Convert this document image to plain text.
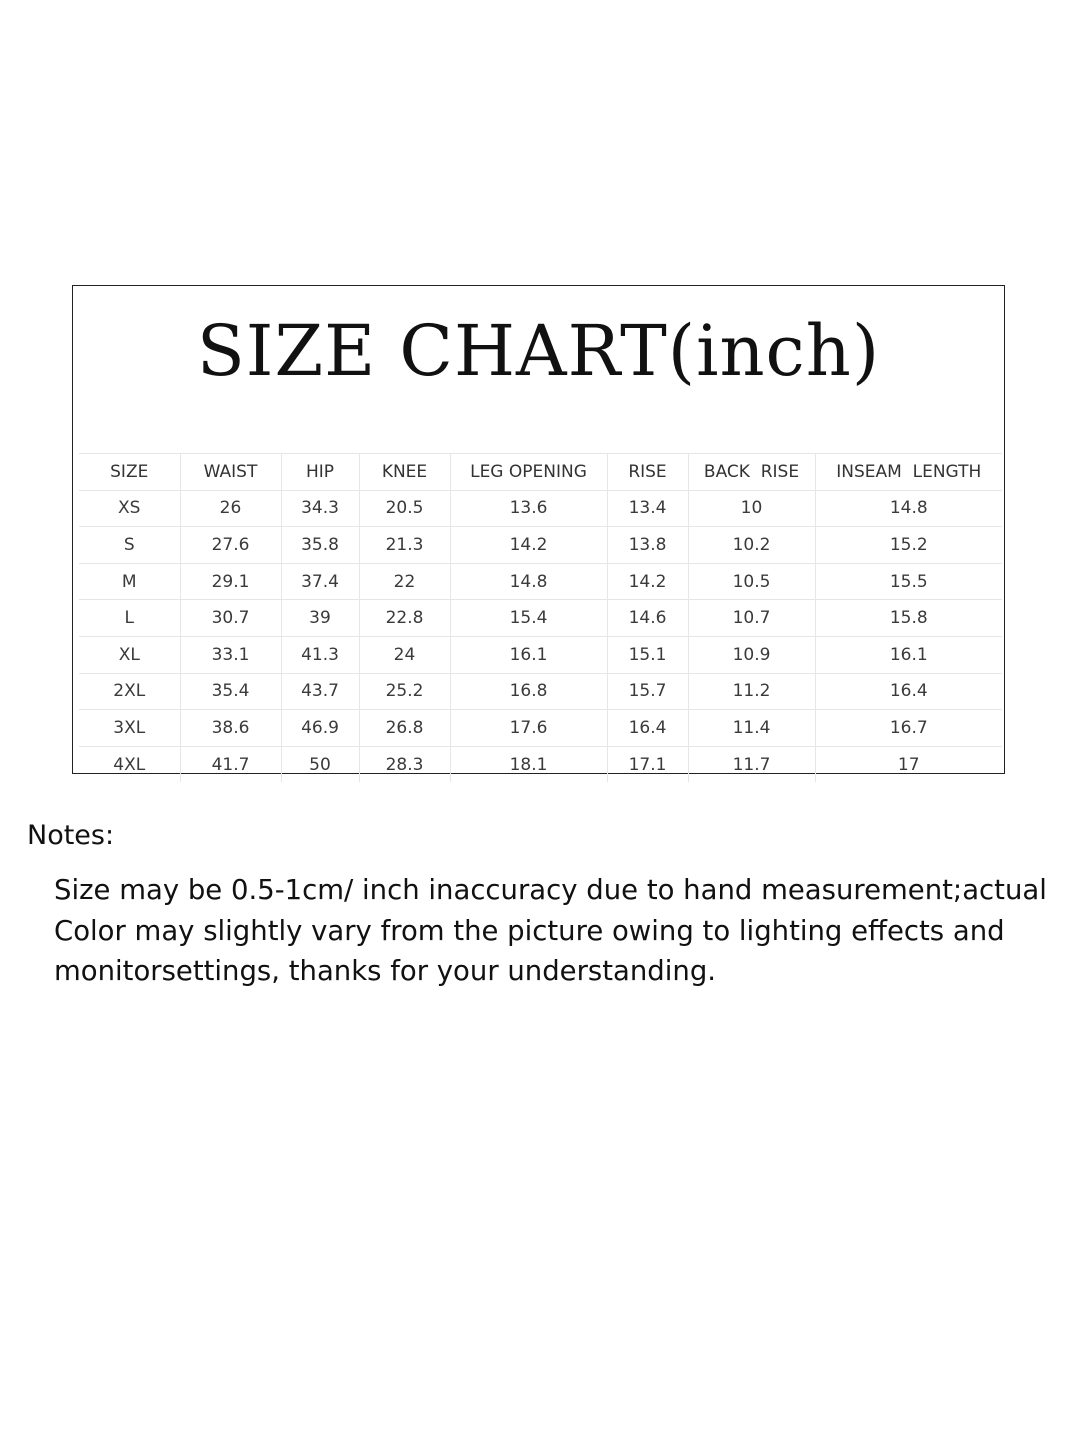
SIZE CHART(inch)
SIZE	WAIST	HIP	KNEE	LEG OPENING	RISE	BACK  RISE	INSEAM  LENGTH
XS	26	34.3	20.5	13.6	13.4	10	14.8
S	27.6	35.8	21.3	14.2	13.8	10.2	15.2
M	29.1	37.4	22	14.8	14.2	10.5	15.5
L	30.7	39	22.8	15.4	14.6	10.7	15.8
XL	33.1	41.3	24	16.1	15.1	10.9	16.1
2XL	35.4	43.7	25.2	16.8	15.7	11.2	16.4
3XL	38.6	46.9	26.8	17.6	16.4	11.4	16.7
4XL	41.7	50	28.3	18.1	17.1	11.7	17
Notes:

Size may be 0.5-1cm/ inch inaccuracy due to hand measurement;actual
Color may slightly vary from the picture owing to lighting effects and
monitorsettings, thanks for your understanding.
